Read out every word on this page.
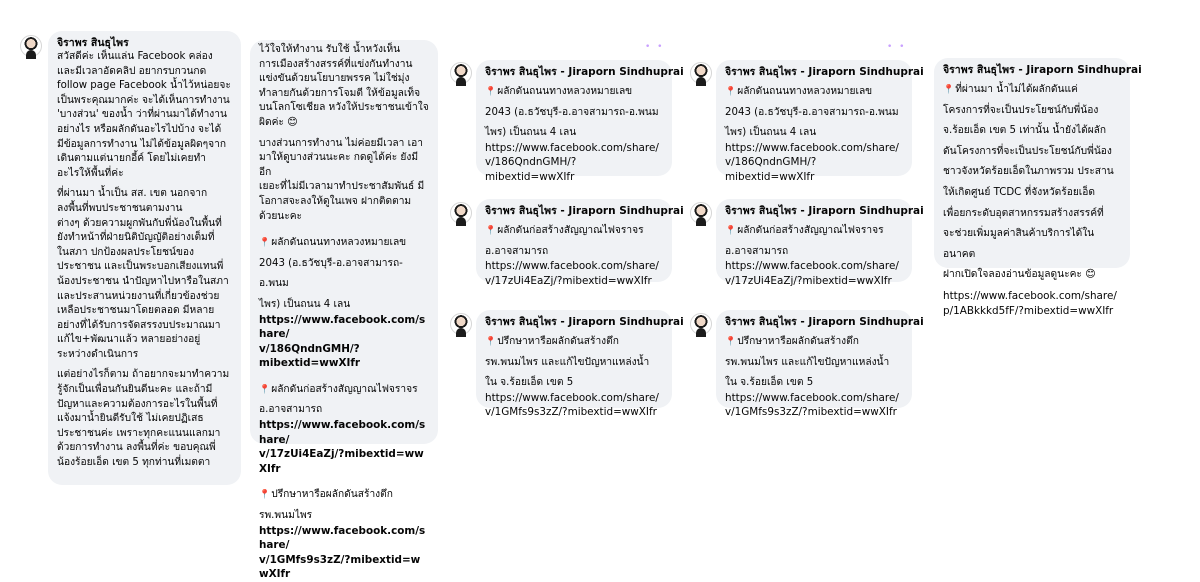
จิราพร สินธุไพร
สวัสดีค่ะ เห็นแล่น Facebook คล่อง
และมีเวลาอัดคลิป อยากรบกวนกด
follow page Facebook น้ำไว้หน่อยจะ
เป็นพระคุณมากค่ะ จะได้เห็นการทำงาน
'บางส่วน' ของน้ำ ว่าที่ผ่านมาได้ทำงาน
อย่างไร หรือผลักดันอะไรไปบ้าง จะได้
มีข้อมูลการทำงาน ไม่ได้ข้อมูลผิดๆจาก
เดินตามแต่นายกอี้ค์ โดยไม่เคยทำ
อะไรให้พื้นที่ค่ะ
ที่ผ่านมา น้ำเป็น สส. เขต นอกจาก
ลงพื้นที่พบประชาชนตามงาน
ต่างๆ ด้วยความผูกพันกับพี่น้องในพื้นที่
ยังทำหน้าที่ฝ่ายนิติบัญญัติอย่างเต็มที่
ในสภา ปกป้องผลประโยชน์ของ
ประชาชน และเป็นพระบอกเสียงแทนพี่
น้องประชาชน นำปัญหาไปหารือในสภา
และประสานหน่วยงานที่เกี่ยวข้องช่วย
เหลือประชาชนมาโดยตลอด มีหลาย
อย่างที่ได้รับการจัดสรรงบประมาณมา
แก้ไข+พัฒนาแล้ว หลายอย่างอยู่
ระหว่างดำเนินการ
แต่อย่างไรก็ตาม ถ้าอยากจะมาทำความ
รู้จักเป็นเพื่อนกันยินดีนะคะ และถ้ามี
ปัญหาและความต้องการอะไรในพื้นที่
แจ้งมาน้ำยินดีรับใช้ ไม่เคยปฏิเสธ
ประชาชนค่ะ เพราะทุกคะแนนแลกมา
ด้วยการทำงาน ลงพื้นที่ค่ะ ขอบคุณพี่
น้องร้อยเอ็ด เขต 5 ทุกท่านที่เมตตา
ไว้ใจให้ทำงาน รับใช้ น้ำหวังเห็น
การเมืองสร้างสรรค์ที่แข่งกันทำงาน
แข่งขันด้วยนโยบายพรรค ไม่ใช่มุ่ง
ทำลายกันด้วยการโจมตี ให้ข้อมูลเท็จ
บนโลกโซเชียล หวังให้ประชาชนเข้าใจ
ผิดค่ะ 😊
บางส่วนการทำงาน ไม่ค่อยมีเวลา เอา
มาให้ดูบางส่วนนะคะ กดดูได้ค่ะ ยังมีอีก
เยอะที่ไม่มีเวลามาทำประชาสัมพันธ์ มี
โอกาสจะลงให้ดูในเพจ ฝากติดตาม
ด้วยนะคะ
📍ผลักดันถนนทางหลวงหมายเลข
2043 (อ.ธวัชบุรี-อ.อาจสามารถ-อ.พนม
ไพร) เป็นถนน 4 เลน
https://www.facebook.com/share/
v/186QndnGMH/?
mibextid=wwXIfr
📍ผลักดันก่อสร้างสัญญาณไฟจราจร
อ.อาจสามารถ
https://www.facebook.com/share/
v/17zUi4EaZj/?mibextid=wwXIfr
📍ปรึกษาหารือผลักดันสร้างตึก
รพ.พนมไพร
https://www.facebook.com/share/
v/1GMfs9s3zZ/?mibextid=wwXIfr
• •	• •
จิราพร สินธุไพร - Jiraporn Sindhuprai
📍ผลักดันถนนทางหลวงหมายเลข
2043 (อ.ธวัชบุรี-อ.อาจสามารถ-อ.พนม
ไพร) เป็นถนน 4 เลน
https://www.facebook.com/share/
v/186QndnGMH/?
mibextid=wwXIfr
จิราพร สินธุไพร - Jiraporn Sindhuprai
📍ผลักดันก่อสร้างสัญญาณไฟจราจร
อ.อาจสามารถ
https://www.facebook.com/share/
v/17zUi4EaZj/?mibextid=wwXIfr
จิราพร สินธุไพร - Jiraporn Sindhuprai
📍ปรึกษาหารือผลักดันสร้างตึก
รพ.พนมไพร และแก้ไขปัญหาแหล่งน้ำ
ใน จ.ร้อยเอ็ด เขต 5
https://www.facebook.com/share/
v/1GMfs9s3zZ/?mibextid=wwXIfr
จิราพร สินธุไพร - Jiraporn Sindhuprai
📍ผลักดันถนนทางหลวงหมายเลข
2043 (อ.ธวัชบุรี-อ.อาจสามารถ-อ.พนม
ไพร) เป็นถนน 4 เลน
https://www.facebook.com/share/
v/186QndnGMH/?
mibextid=wwXIfr
จิราพร สินธุไพร - Jiraporn Sindhuprai
📍ผลักดันก่อสร้างสัญญาณไฟจราจร
อ.อาจสามารถ
https://www.facebook.com/share/
v/17zUi4EaZj/?mibextid=wwXIfr
จิราพร สินธุไพร - Jiraporn Sindhuprai
📍ปรึกษาหารือผลักดันสร้างตึก
รพ.พนมไพร และแก้ไขปัญหาแหล่งน้ำ
ใน จ.ร้อยเอ็ด เขต 5
https://www.facebook.com/share/
v/1GMfs9s3zZ/?mibextid=wwXIfr
จิราพร สินธุไพร - Jiraporn Sindhuprai
📍ที่ผ่านมา น้ำไม่ได้ผลักดันแค่
โครงการที่จะเป็นประโยชน์กับพี่น้อง
จ.ร้อยเอ็ด เขต 5 เท่านั้น น้ำยังได้ผลัก
ดันโครงการที่จะเป็นประโยชน์กับพี่น้อง
ชาวจังหวัดร้อยเอ็ดในภาพรวม ประสาน
ให้เกิดศูนย์ TCDC ที่จังหวัดร้อยเอ็ด
เพื่อยกระดับอุตสาหกรรมสร้างสรรค์ที่
จะช่วยเพิ่มมูลค่าสินค้าบริการได้ใน
อนาคต
ฝากเปิดใจลองอ่านข้อมูลดูนะคะ 😊
https://www.facebook.com/share/
p/1ABkkkd5fF/?mibextid=wwXIfr
